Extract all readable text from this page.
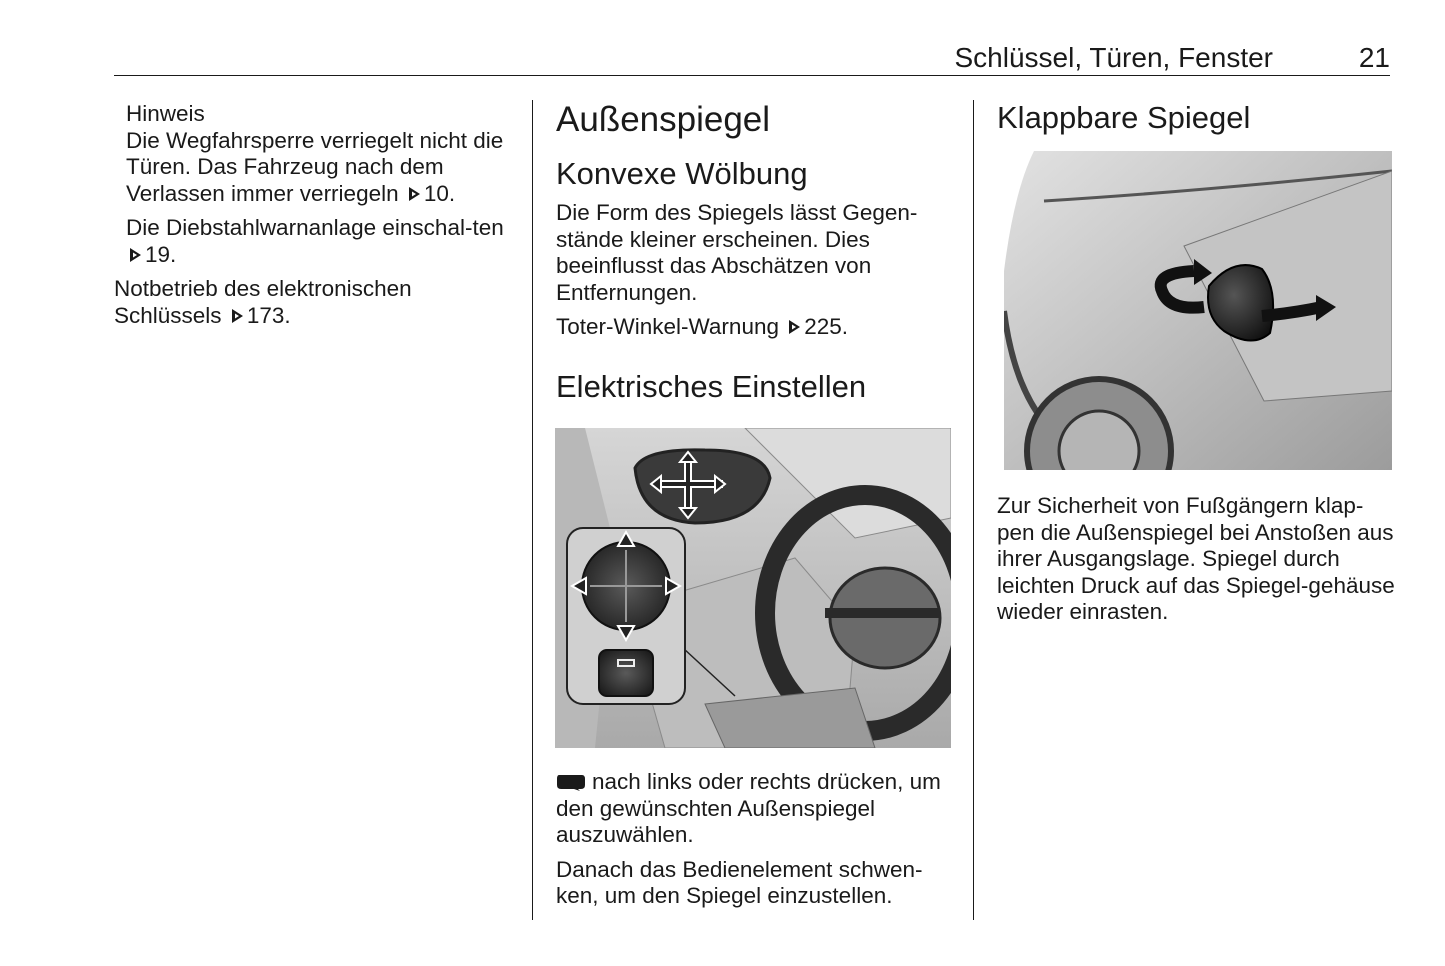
Schlüssel, Türen, Fenster	21
Hinweis

Die Wegfahrsperre verriegelt nicht die Türen. Das Fahrzeug nach dem Verlassen immer verriegeln 10.

Die Diebstahlwarnanlage einschal-ten 19.

Notbetrieb des elektronischen Schlüssels 173.

Außenspiegel
Konvexe Wölbung

Die Form des Spiegels lässt Gegen-stände kleiner erscheinen. Dies beeinflusst das Abschätzen von Entfernungen.

Toter-Winkel-Warnung 225.

Elektrisches Einstellen

nach links oder rechts drücken, um den gewünschten Außenspiegel auszuwählen.

Danach das Bedienelement schwen-ken, um den Spiegel einzustellen.

Klappbare Spiegel

Zur Sicherheit von Fußgängern klap-pen die Außenspiegel bei Anstoßen aus ihrer Ausgangslage. Spiegel durch leichten Druck auf das Spiegel-gehäuse wieder einrasten.
